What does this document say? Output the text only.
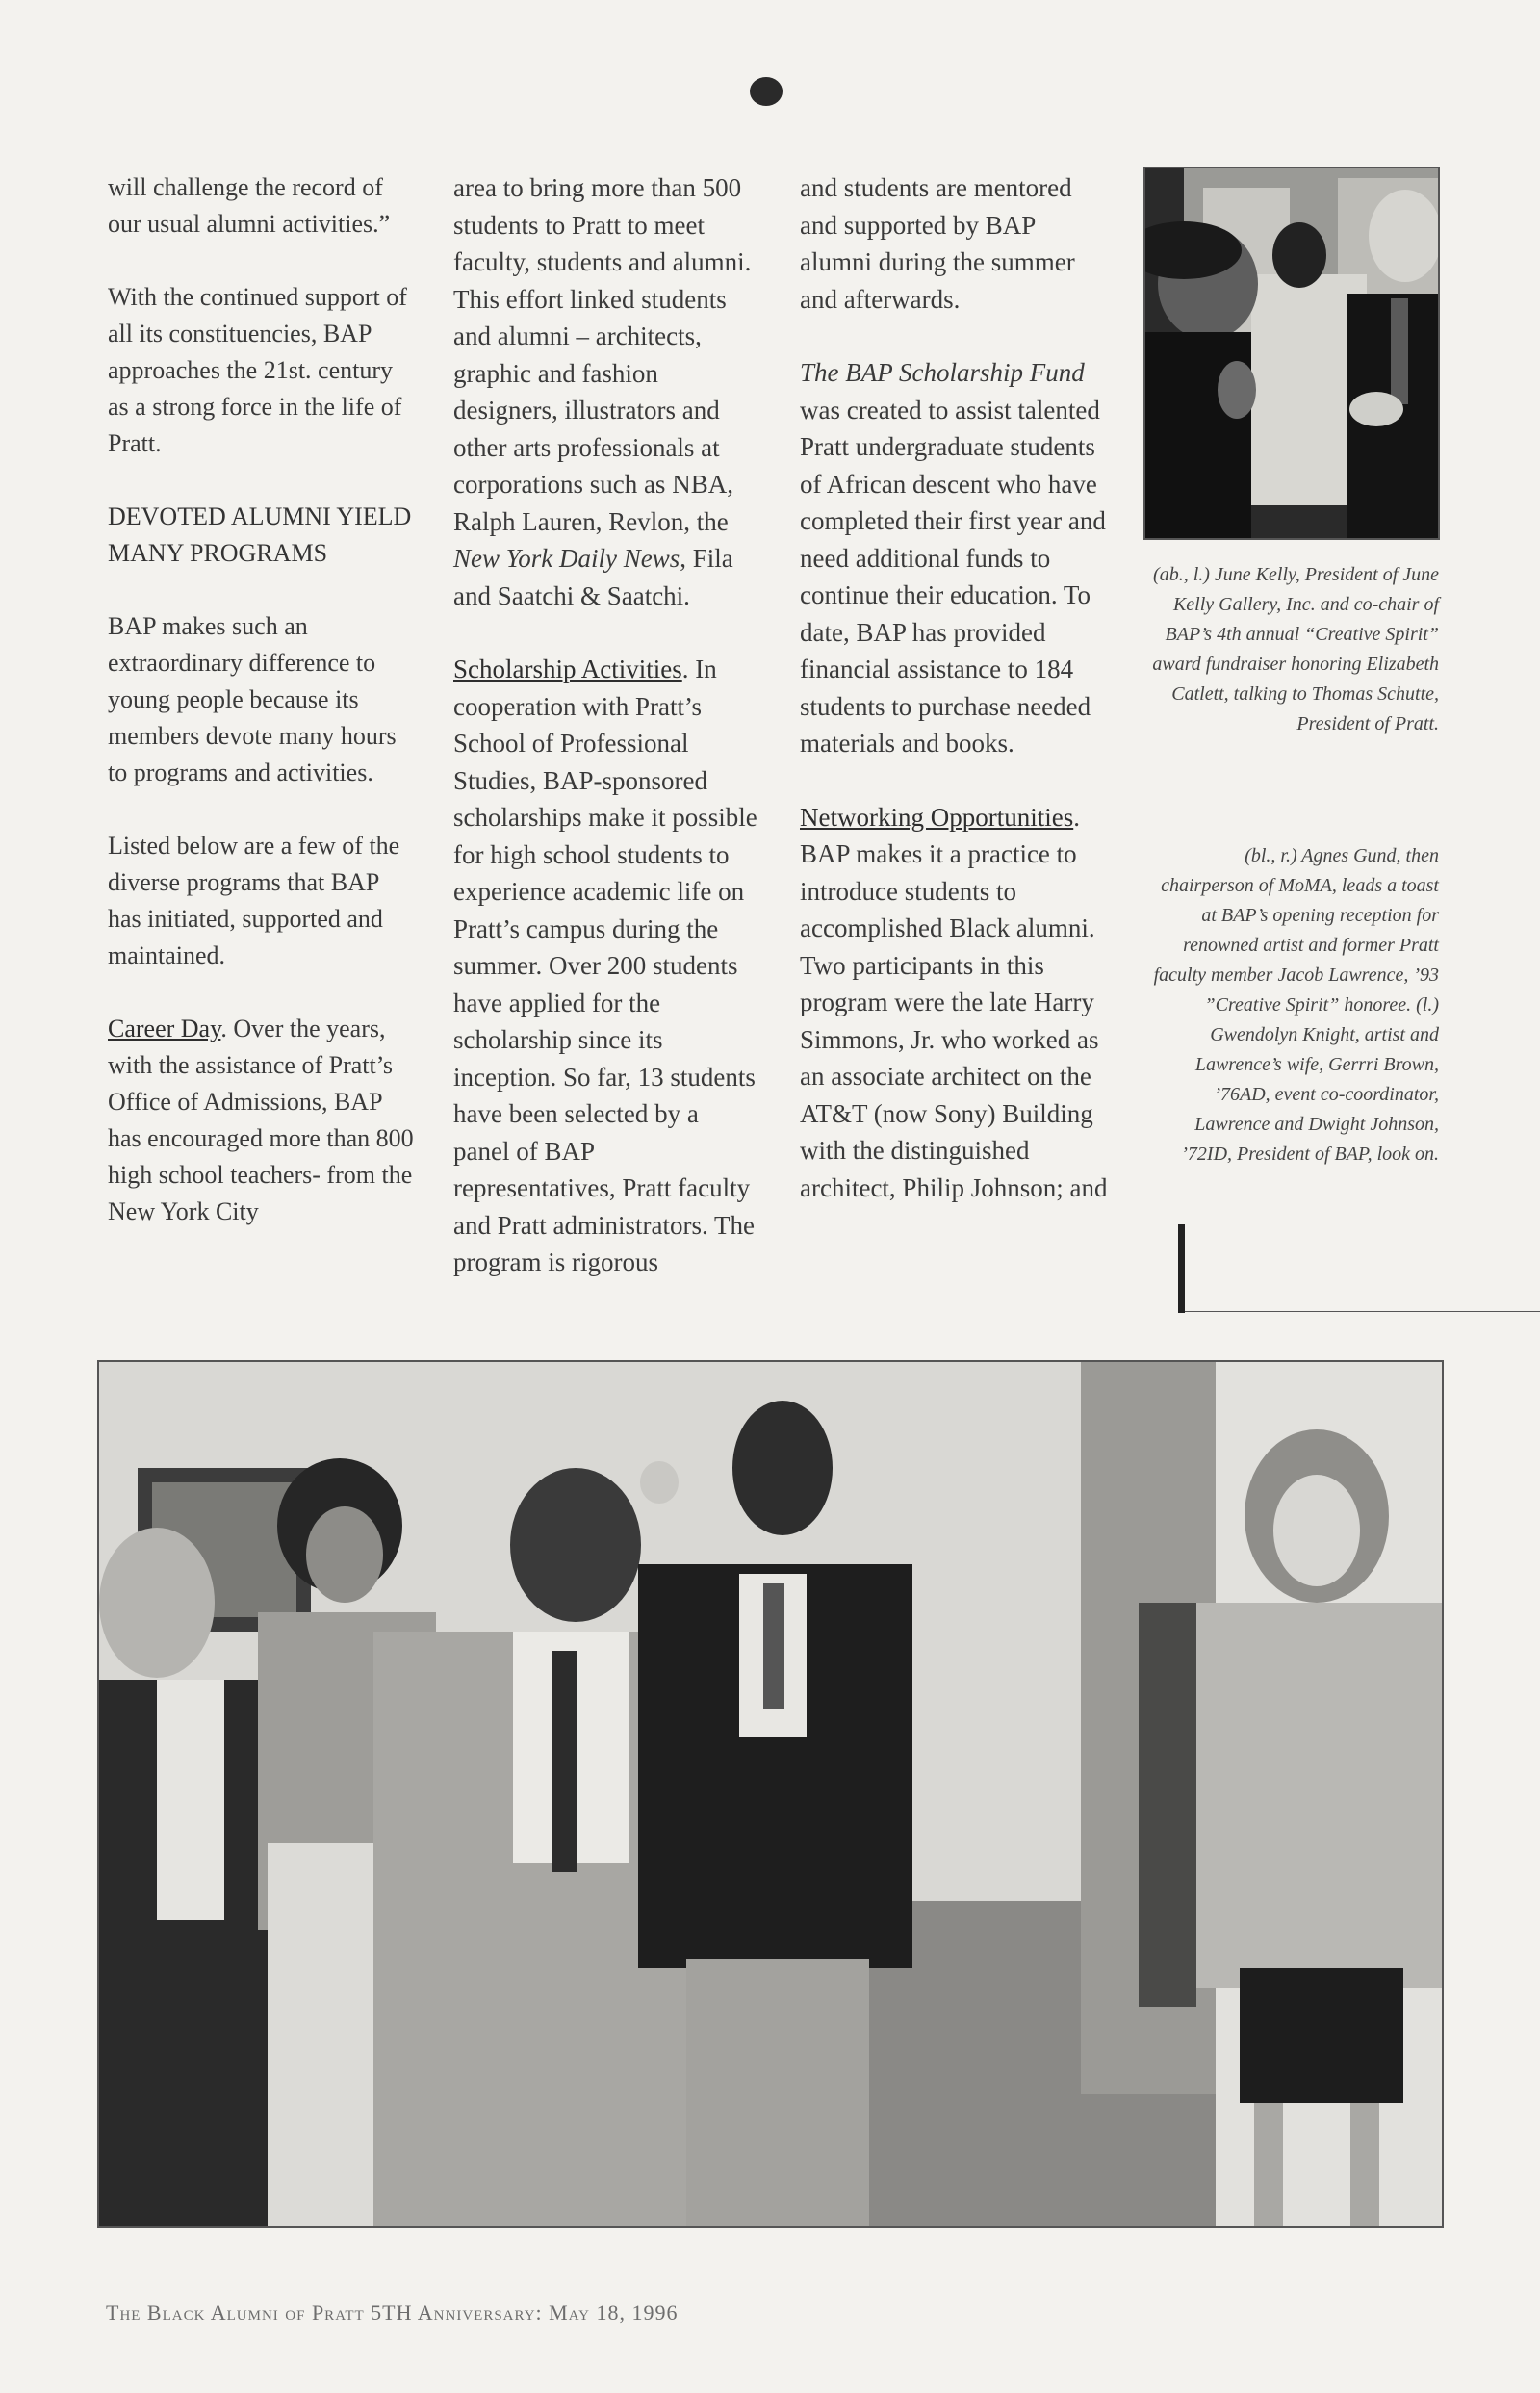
will challenge the record of our usual alumni activities.”

With the continued support of all its constituencies, BAP approaches the 21st. century as a strong force in the life of Pratt.

DEVOTED ALUMNI YIELD MANY PROGRAMS

BAP makes such an extraordinary difference to young people because its members devote many hours to programs and activities.

Listed below are a few of the diverse programs that BAP has initiated, supported and maintained.

Career Day. Over the years, with the assistance of Pratt’s Office of Admissions, BAP has encouraged more than 800 high school teachers- from the New York City

area to bring more than 500 students to Pratt to meet faculty, students and alumni. This effort linked students and alumni – architects, graphic and fashion designers, illustrators and other arts professionals at corporations such as NBA, Ralph Lauren, Revlon, the New York Daily News, Fila and Saatchi & Saatchi.

Scholarship Activities. In cooperation with Pratt’s School of Professional Studies, BAP-sponsored scholarships make it possible for high school students to experience academic life on Pratt’s campus during the summer. Over 200 students have applied for the scholarship since its inception. So far, 13 students have been selected by a panel of BAP representatives, Pratt faculty and Pratt administrators. The program is rigorous

and students are mentored and supported by BAP alumni during the summer and afterwards.

The BAP Scholarship Fund was created to assist talented Pratt undergraduate students of African descent who have completed their first year and need additional funds to continue their education. To date, BAP has provided financial assistance to 184 students to purchase needed materials and books.

Networking Opportunities. BAP makes it a practice to introduce students to accomplished Black alumni. Two participants in this program were the late Harry Simmons, Jr. who worked as an associate architect on the AT&T (now Sony) Building with the distinguished architect, Philip Johnson; and

(ab., l.) June Kelly, President of June Kelly Gallery, Inc. and co-chair of BAP’s 4th annual “Creative Spirit” award fundraiser honoring Elizabeth Catlett, talking to Thomas Schutte, President of Pratt.
(bl., r.) Agnes Gund, then chairperson of MoMA, leads a toast at BAP’s opening reception for renowned artist and former Pratt faculty member Jacob Lawrence, ’93 ”Creative Spirit” honoree. (l.) Gwendolyn Knight, artist and Lawrence’s wife, Gerrri Brown, ’76AD, event co-coordinator, Lawrence and Dwight Johnson, ’72ID, President of BAP, look on.
The Black Alumni of Pratt 5TH Anniversary: May 18, 1996
